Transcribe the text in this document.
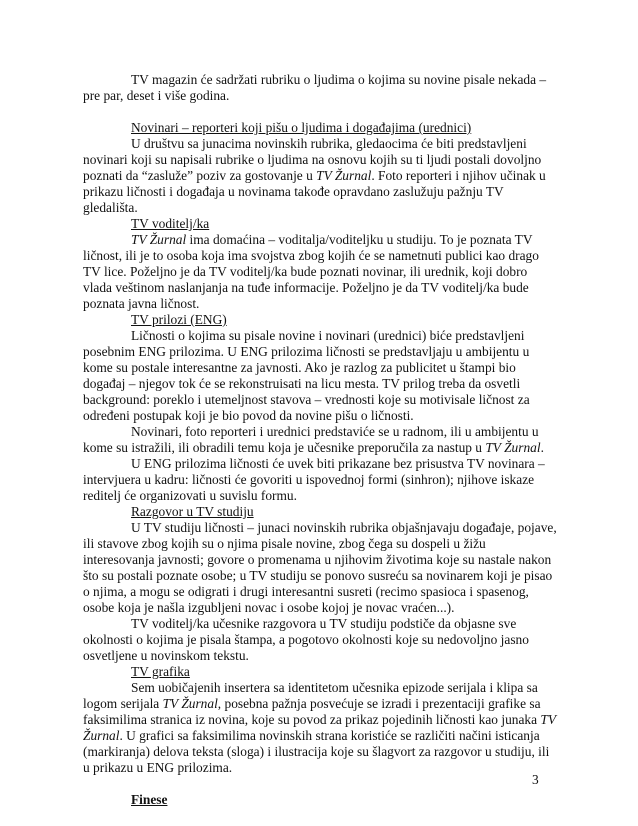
TV magazin će sadržati rubriku o ljudima o kojima su novine pisale nekada – pre par, deset i više godina.

Novinari – reporteri koji pišu o ljudima i događajima (urednici)

U društvu sa junacima novinskih rubrika, gledaocima će biti predstavljeni novinari koji su napisali rubrike o ljudima na osnovu kojih su ti ljudi postali dovoljno poznati da “zaslužе” poziv za gostovanje u TV Žurnal. Foto reporteri i njihov učinak u prikazu ličnosti i događaja u novinama takođe opravdano zaslužuju pažnju TV gledališta.

TV voditelj/ka

TV Žurnal ima domaćina – voditalja/voditeljku u studiju. To je poznata TV ličnost, ili je to osoba koja ima svojstva zbog kojih će se nametnuti publici kao drago TV lice. Poželjno je da TV voditelj/ka bude poznati novinar, ili urednik, koji dobro vlada veštinom naslanjanja na tuđe informacije. Poželjno je da TV voditelj/ka bude poznata javna ličnost.

TV prilozi (ENG)

Ličnosti o kojima su pisale novine i novinari (urednici) biće predstavljeni posebnim ENG prilozima. U ENG prilozima ličnosti se predstavljaju u ambijentu u kome su postale interesantne za javnosti. Ako je razlog za publicitet u štampi bio događaj – njegov tok će se rekonstruisati na licu mesta. TV prilog treba da osvetli background: poreklo i utemeljnost stavova – vrednosti koje su motivisale ličnost za određeni postupak koji je bio povod da novine pišu o ličnosti.

Novinari, foto reporteri i urednici predstaviće se u radnom, ili u ambijentu u kome su istražili, ili obradili temu koja je učesnike preporučila za nastup u TV Žurnal.

U ENG prilozima ličnosti će uvek biti prikazane bez prisustva TV novinara – intervjuera u kadru: ličnosti će govoriti u ispovednoj formi (sinhron); njihove iskaze reditelj će organizovati u suvislu formu.

Razgovor u TV studiju

U TV studiju ličnosti – junaci novinskih rubrika objašnjavaju događaje, pojave, ili stavove zbog kojih su o njima pisale novine, zbog čega su dospeli u žižu interesovanja javnosti; govore o promenama u njihovim životima koje su nastale nakon što su postali poznate osobe; u TV studiju se ponovo susreću sa novinarem koji je pisao o njima, a mogu se odigrati i drugi interesantni susreti (recimo spasioca i spasenog, osobe koja je našla izgubljeni novac i osobe kojoj je novac vraćen...).

TV voditelj/ka učesnike razgovora u TV studiju podstiče da objasne sve okolnosti o kojima je pisala štampa, a pogotovo okolnosti koje su nedovoljno jasno osvetljene u novinskom tekstu.

TV grafika

Sem uobičajenih insertera sa identitetom učesnika epizode serijala i klipa sa logom serijala TV Žurnal, posebna pažnja posvećuje se izradi i prezentaciji grafike sa faksimilima stranica iz novina, koje su povod za prikaz pojedinih ličnosti kao junaka TV Žurnal. U grafici sa faksimilima novinskih strana koristiće se različiti načini isticanja (markiranja) delova teksta (sloga) i ilustracija koje su šlagvort za razgovor u studiju, ili u prikazu u ENG prilozima.

Finese

3
